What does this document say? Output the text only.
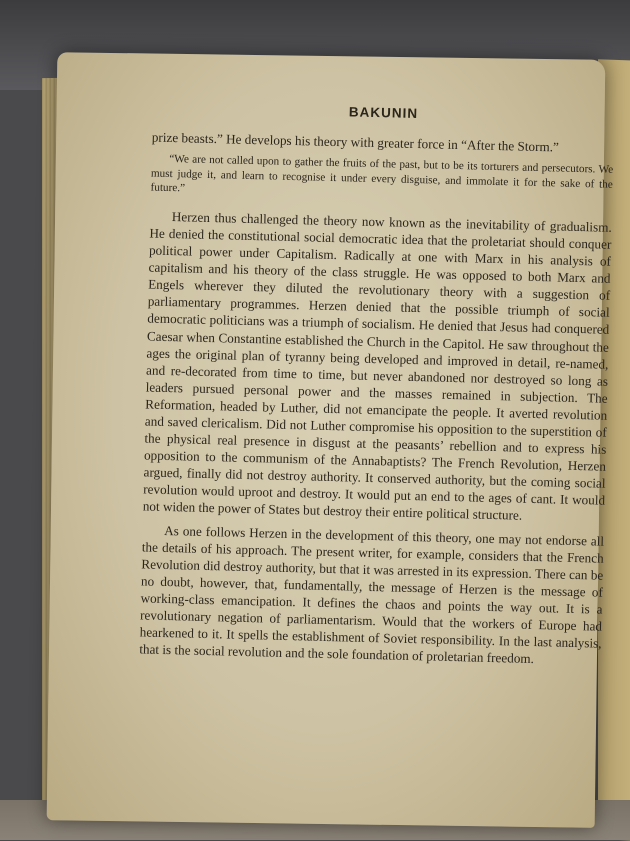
BAKUNIN

prize beasts.” He develops his theory with greater force in “After the Storm.”

“We are not called upon to gather the fruits of the past, but to be its torturers and persecutors. We must judge it, and learn to recognise it under every disguise, and immolate it for the sake of the future.”

Herzen thus challenged the theory now known as the inevitability of gradualism. He denied the constitutional social democratic idea that the proletariat should conquer political power under Capitalism. Radically at one with Marx in his analysis of capitalism and his theory of the class struggle. He was opposed to both Marx and Engels wherever they diluted the revolutionary theory with a suggestion of parliamentary programmes. Herzen denied that the possible triumph of social democratic politicians was a triumph of socialism. He denied that Jesus had conquered Caesar when Constantine established the Church in the Capitol. He saw throughout the ages the original plan of tyranny being developed and improved in detail, re-named, and re-decorated from time to time, but never abandoned nor destroyed so long as leaders pursued personal power and the masses remained in subjection. The Reformation, headed by Luther, did not emancipate the people. It averted revolution and saved clericalism. Did not Luther compromise his opposition to the superstition of the physical real presence in disgust at the peasants’ rebellion and to express his opposition to the communism of the Annabaptists? The French Revolution, Herzen argued, finally did not destroy authority. It conserved authority, but the coming social revolution would uproot and destroy. It would put an end to the ages of cant. It would not widen the power of States but destroy their entire political structure.

As one follows Herzen in the development of this theory, one may not endorse all the details of his approach. The present writer, for example, considers that the French Revolution did destroy authority, but that it was arrested in its expression. There can be no doubt, however, that, fundamentally, the message of Herzen is the message of working-class emancipation. It defines the chaos and points the way out. It is a revolutionary negation of parliamentarism. Would that the workers of Europe had hearkened to it. It spells the establishment of Soviet responsibility. In the last analysis, that is the social revolution and the sole foundation of proletarian freedom.
